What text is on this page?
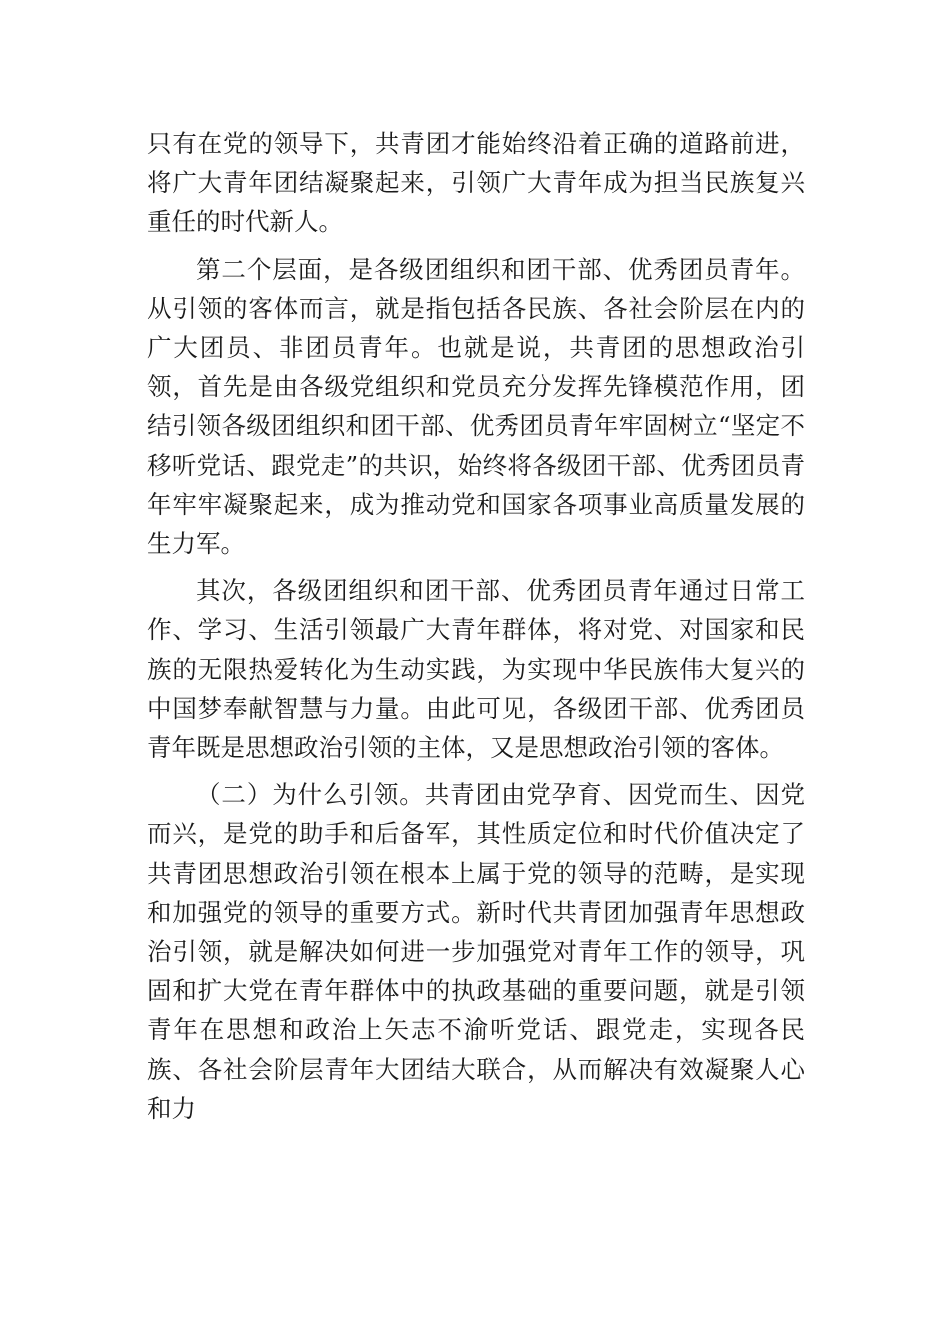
只有在党的领导下，共青团才能始终沿着正确的道路前进，将广大青年团结凝聚起来，引领广大青年成为担当民族复兴重任的时代新人。

第二个层面，是各级团组织和团干部、优秀团员青年。从引领的客体而言，就是指包括各民族、各社会阶层在内的广大团员、非团员青年。也就是说，共青团的思想政治引领，首先是由各级党组织和党员充分发挥先锋模范作用，团结引领各级团组织和团干部、优秀团员青年牢固树立“坚定不移听党话、跟党走”的共识，始终将各级团干部、优秀团员青年牢牢凝聚起来，成为推动党和国家各项事业高质量发展的生力军。

其次，各级团组织和团干部、优秀团员青年通过日常工作、学习、生活引领最广大青年群体，将对党、对国家和民族的无限热爱转化为生动实践，为实现中华民族伟大复兴的中国梦奉献智慧与力量。由此可见，各级团干部、优秀团员青年既是思想政治引领的主体，又是思想政治引领的客体。

（二）为什么引领。共青团由党孕育、因党而生、因党而兴，是党的助手和后备军，其性质定位和时代价值决定了共青团思想政治引领在根本上属于党的领导的范畴，是实现和加强党的领导的重要方式。新时代共青团加强青年思想政治引领，就是解决如何进一步加强党对青年工作的领导，巩固和扩大党在青年群体中的执政基础的重要问题，就是引领青年在思想和政治上矢志不渝听党话、跟党走，实现各民族、各社会阶层青年大团结大联合，从而解决有效凝聚人心和力
